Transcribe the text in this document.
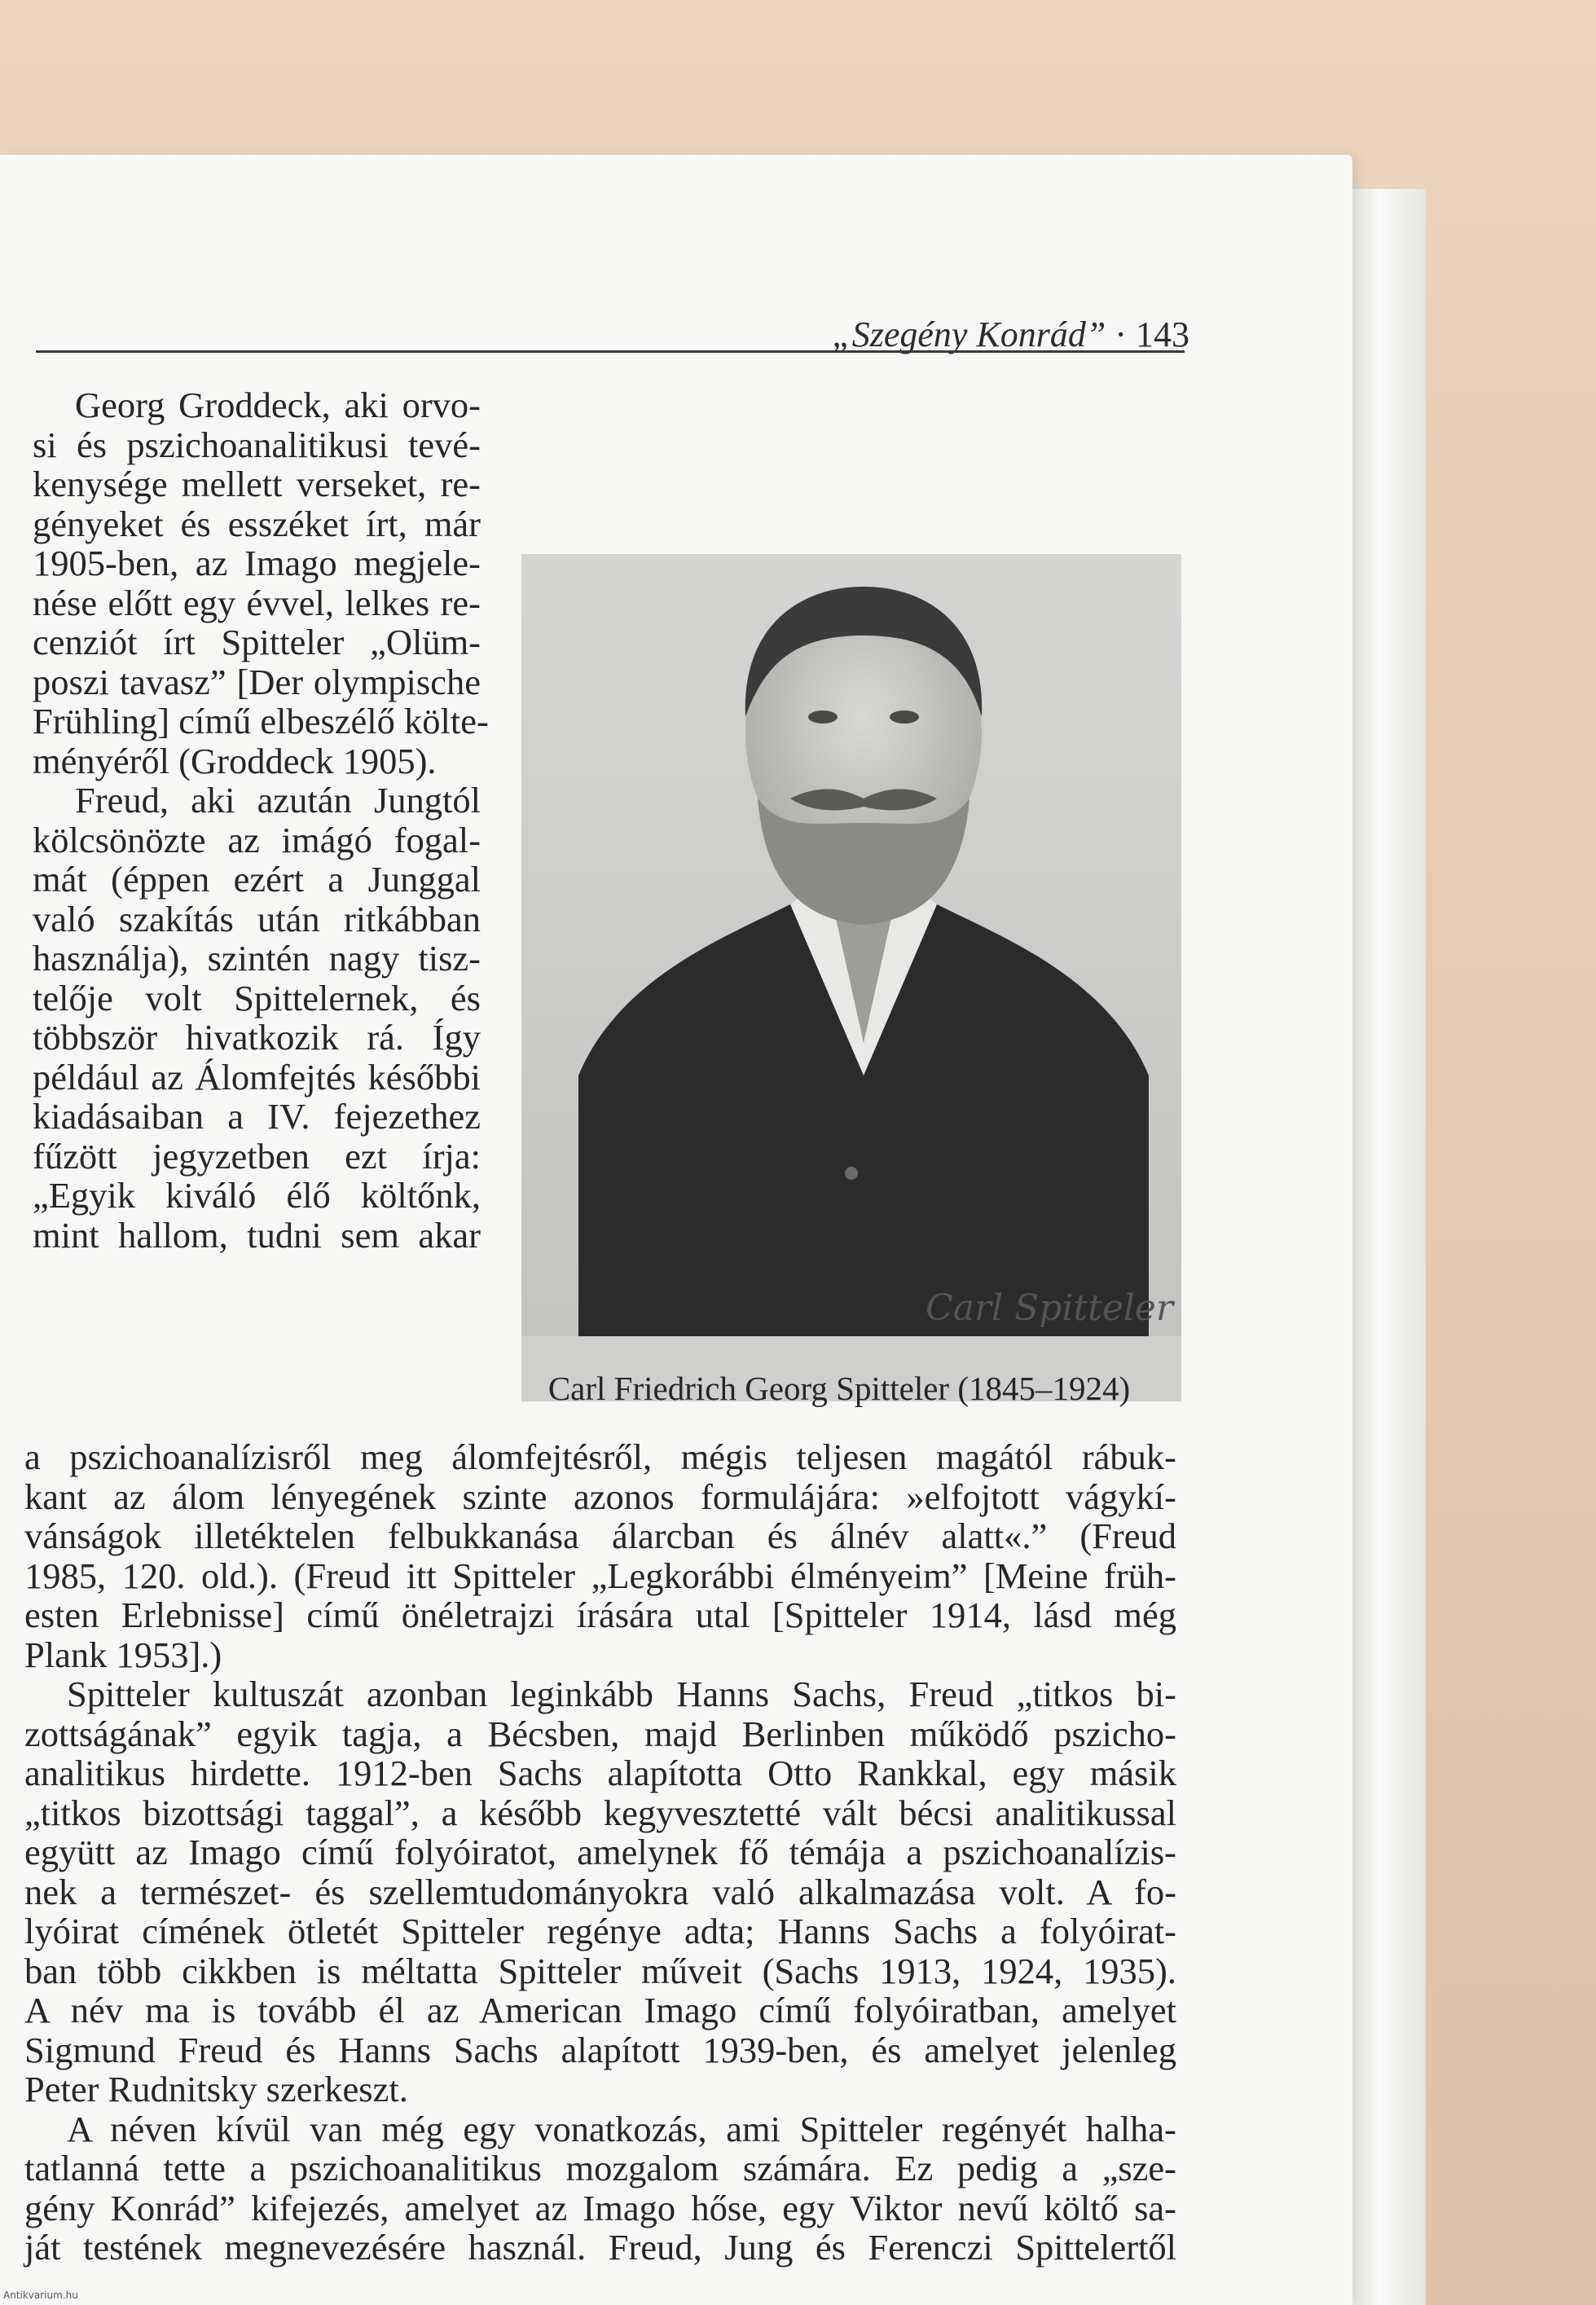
„Szegény Konrád” · 143
Georg Groddeck, aki orvo-
si és pszichoanalitikusi tevé-
kenysége mellett verseket, re-
gényeket és esszéket írt, már
1905-ben, az Imago megjele-
nése előtt egy évvel, lelkes re-
cenziót írt Spitteler „Olüm-
poszi tavasz” [Der olympische
Frühling] című elbeszélő költe-
ményéről (Groddeck 1905).
Freud, aki azután Jungtól
kölcsönözte az imágó fogal-
mát (éppen ezért a Junggal
való szakítás után ritkábban
használja), szintén nagy tisz-
telője volt Spittelernek, és
többször hivatkozik rá. Így
például az Álomfejtés későbbi
kiadásaiban a IV. fejezethez
fűzött jegyzetben ezt írja:
„Egyik kiváló élő költőnk,
mint hallom, tudni sem akar
Carl Spitteler
Carl Friedrich Georg Spitteler (1845–1924)
a pszichoanalízisről meg álomfejtésről, mégis teljesen magától rábuk-
kant az álom lényegének szinte azonos formulájára: »elfojtott vágykí-
vánságok illetéktelen felbukkanása álarcban és álnév alatt«.” (Freud
1985, 120. old.). (Freud itt Spitteler „Legkorábbi élményeim” [Meine früh-
esten Erlebnisse] című önéletrajzi írására utal [Spitteler 1914, lásd még
Plank 1953].)
Spitteler kultuszát azonban leginkább Hanns Sachs, Freud „titkos bi-
zottságának” egyik tagja, a Bécsben, majd Berlinben működő pszicho-
analitikus hirdette. 1912-ben Sachs alapította Otto Rankkal, egy másik
„titkos bizottsági taggal”, a később kegyvesztetté vált bécsi analitikussal
együtt az Imago című folyóiratot, amelynek fő témája a pszichoanalízis-
nek a természet- és szellemtudományokra való alkalmazása volt. A fo-
lyóirat címének ötletét Spitteler regénye adta; Hanns Sachs a folyóirat-
ban több cikkben is méltatta Spitteler műveit (Sachs 1913, 1924, 1935).
A név ma is tovább él az American Imago című folyóiratban, amelyet
Sigmund Freud és Hanns Sachs alapított 1939-ben, és amelyet jelenleg
Peter Rudnitsky szerkeszt.
A néven kívül van még egy vonatkozás, ami Spitteler regényét halha-
tatlanná tette a pszichoanalitikus mozgalom számára. Ez pedig a „sze-
gény Konrád” kifejezés, amelyet az Imago hőse, egy Viktor nevű költő sa-
ját testének megnevezésére használ. Freud, Jung és Ferenczi Spittelertől
Antikvarium.hu
